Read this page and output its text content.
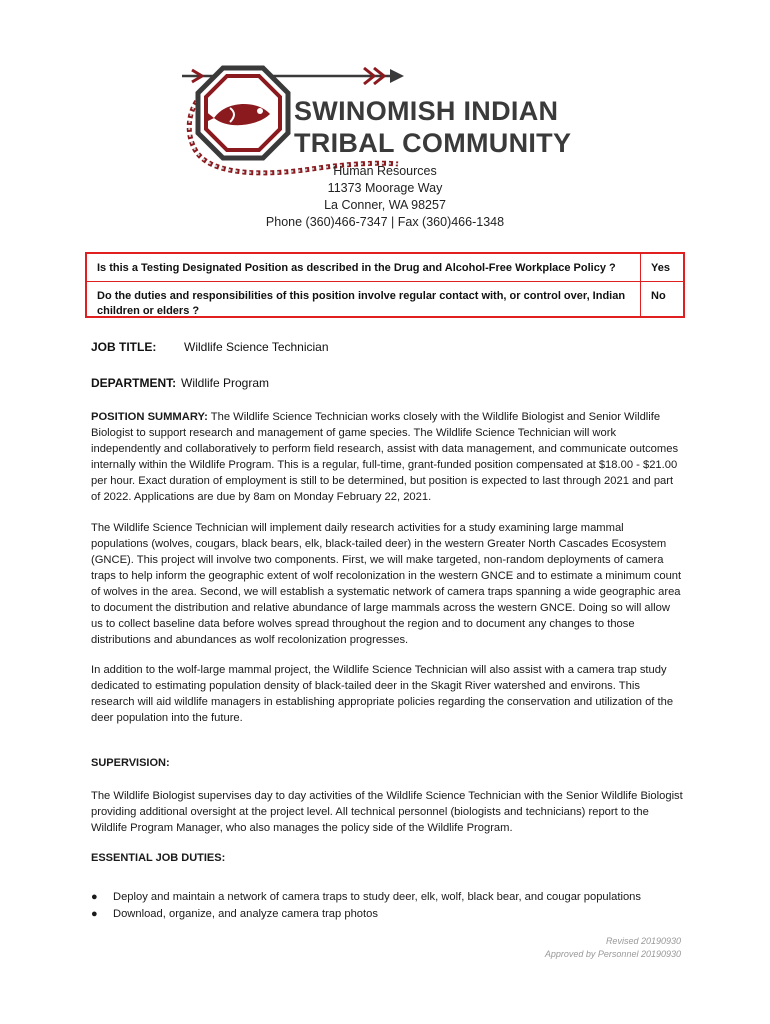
SWINOMISH INDIAN
TRIBAL COMMUNITY
Human Resources
11373 Moorage Way
La Conner, WA 98257
Phone (360)466-7347 | Fax (360)466-1348
Is this a Testing Designated Position as described in the Drug and Alcohol-Free Workplace Policy ?	Yes
Do the duties and responsibilities of this position involve regular contact with, or control over, Indian children or elders ?
No
JOB TITLE: Wildlife Science Technician
DEPARTMENT: Wildlife Program
POSITION SUMMARY: The Wildlife Science Technician works closely with the Wildlife Biologist and Senior Wildlife Biologist to support research and management of game species. The Wildlife Science Technician will work independently and collaboratively to perform field research, assist with data management, and communicate outcomes internally within the Wildlife Program. This is a regular, full-time, grant-funded position compensated at $18.00 - $21.00 per hour. Exact duration of employment is still to be determined, but position is expected to last through 2021 and part of 2022. Applications are due by 8am on Monday February 22, 2021.
The Wildlife Science Technician will implement daily research activities for a study examining large mammal populations (wolves, cougars, black bears, elk, black-tailed deer) in the western Greater North Cascades Ecosystem (GNCE). This project will involve two components. First, we will make targeted, non-random deployments of camera traps to help inform the geographic extent of wolf recolonization in the western GNCE and to estimate a minimum count of wolves in the area. Second, we will establish a systematic network of camera traps spanning a wide geographic area to document the distribution and relative abundance of large mammals across the western GNCE. Doing so will allow us to collect baseline data before wolves spread throughout the region and to document any changes to those distributions and abundances as wolf recolonization progresses.
In addition to the wolf-large mammal project, the Wildlife Science Technician will also assist with a camera trap study dedicated to estimating population density of black-tailed deer in the Skagit River watershed and environs. This research will aid wildlife managers in establishing appropriate policies regarding the conservation and utilization of the deer population into the future.
SUPERVISION:
The Wildlife Biologist supervises day to day activities of the Wildlife Science Technician with the Senior Wildlife Biologist providing additional oversight at the project level. All technical personnel (biologists and technicians) report to the Wildlife Program Manager, who also manages the policy side of the Wildlife Program.
ESSENTIAL JOB DUTIES:
● Deploy and maintain a network of camera traps to study deer, elk, wolf, black bear, and cougar populations
● Download, organize, and analyze camera trap photos
Revised 20190930
Approved by Personnel 20190930
